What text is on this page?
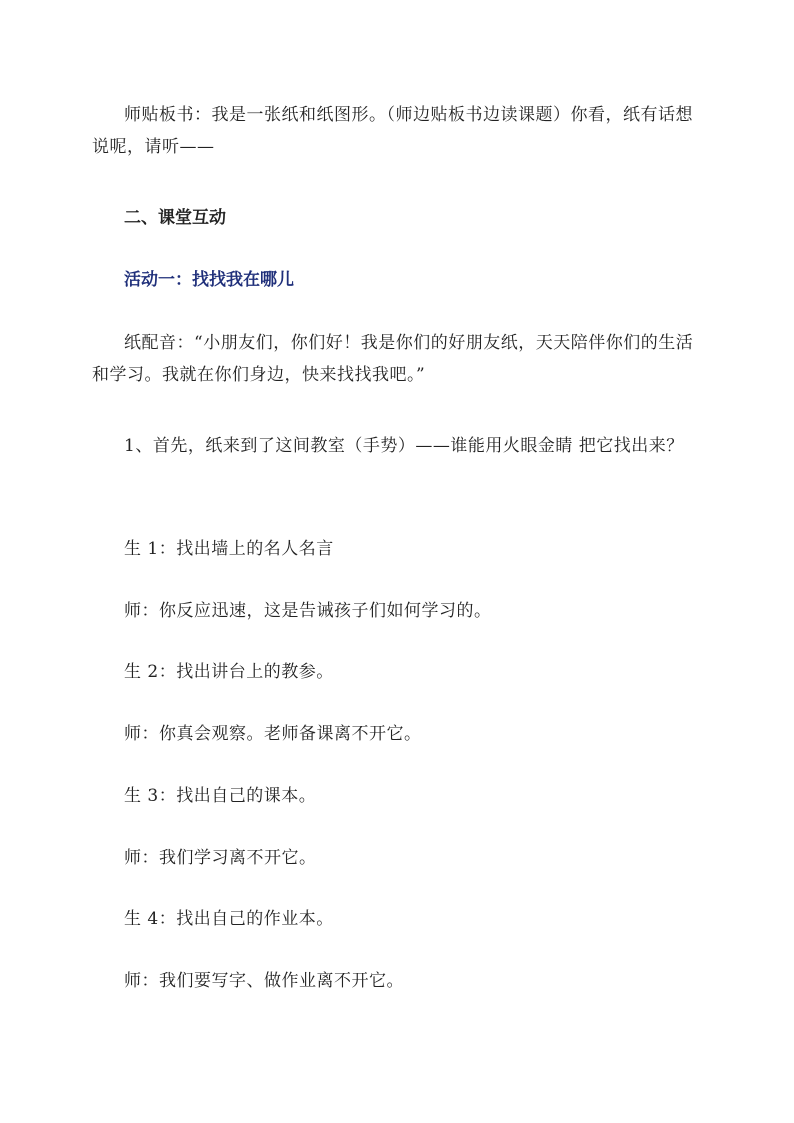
师贴板书：我是一张纸和纸图形。（师边贴板书边读课题）你看，纸有话想说呢，请听——
二、课堂互动
活动一：找找我在哪儿
纸配音：“小朋友们，你们好！我是你们的好朋友纸，天天陪伴你们的生活和学习。我就在你们身边，快来找找我吧。”
1、首先，纸来到了这间教室（手势）——谁能用火眼金睛 把它找出来？
生 1：找出墙上的名人名言
师：你反应迅速，这是告诫孩子们如何学习的。
生 2：找出讲台上的教参。
师：你真会观察。老师备课离不开它。
生 3：找出自己的课本。
师：我们学习离不开它。
生 4：找出自己的作业本。
师：我们要写字、做作业离不开它。
